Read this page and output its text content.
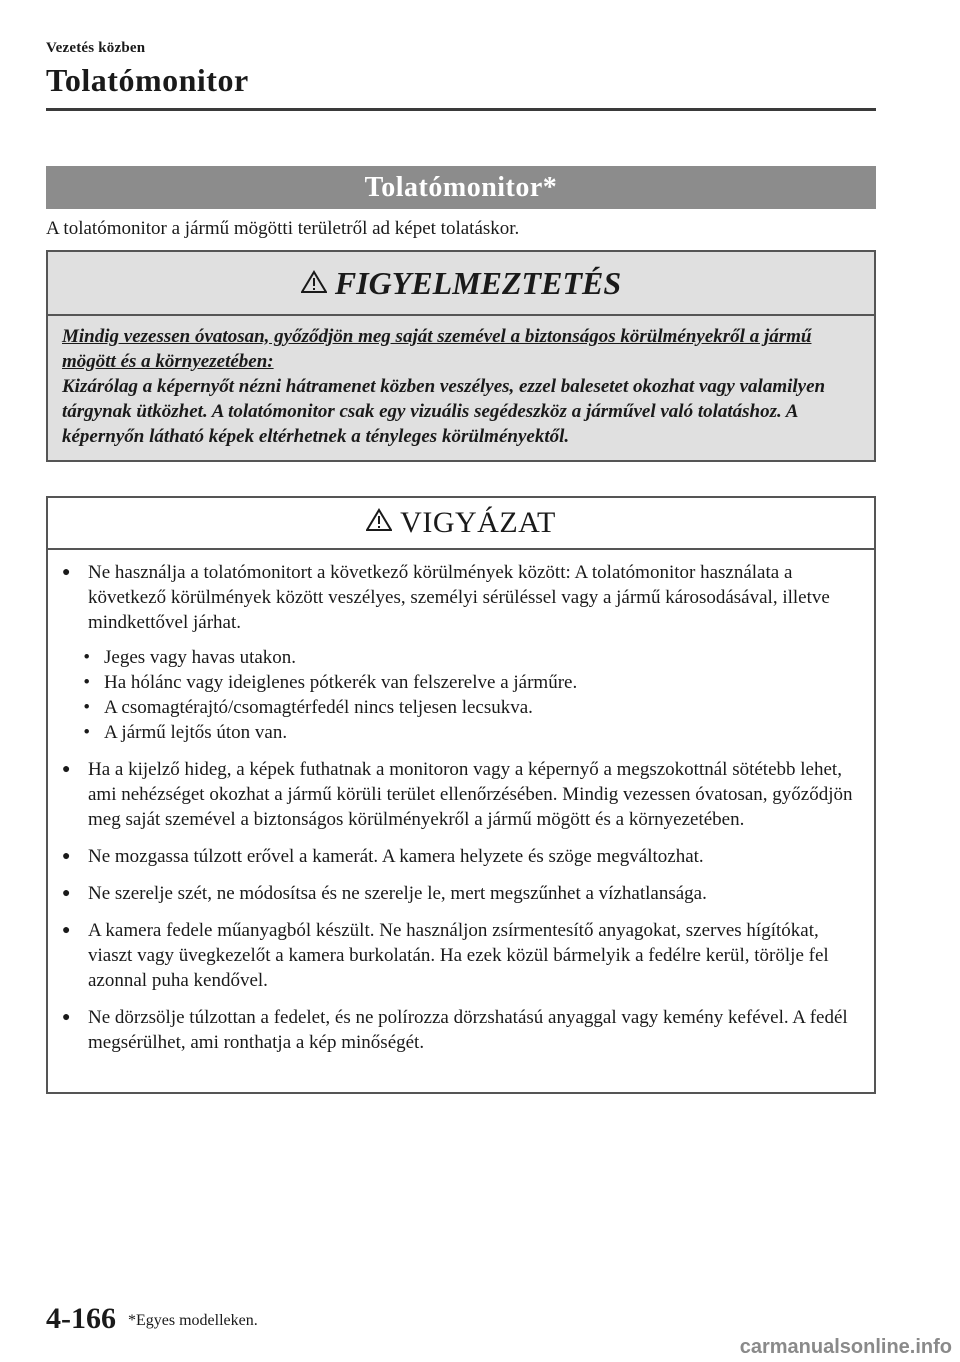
Vezetés közben
Tolatómonitor
Tolatómonitor*
A tolatómonitor a jármű mögötti területről ad képet tolatáskor.
FIGYELMEZTETÉS
Mindig vezessen óvatosan, győződjön meg saját szemével a biztonságos körülményekről a jármű mögött és a környezetében:
Kizárólag a képernyőt nézni hátramenet közben veszélyes, ezzel balesetet okozhat vagy valamilyen tárgynak ütközhet. A tolatómonitor csak egy vizuális segédeszköz a járművel való tolatáshoz. A képernyőn látható képek eltérhetnek a tényleges körülményektől.
VIGYÁZAT
● Ne használja a tolatómonitort a következő körülmények között: A tolatómonitor használata a következő körülmények között veszélyes, személyi sérüléssel vagy a jármű károsodásával, illetve mindkettővel járhat.
• Jeges vagy havas utakon.
• Ha hólánc vagy ideiglenes pótkerék van felszerelve a járműre.
• A csomagtérajtó/csomagtérfedél nincs teljesen lecsukva.
• A jármű lejtős úton van.
● Ha a kijelző hideg, a képek futhatnak a monitoron vagy a képernyő a megszokottnál sötétebb lehet, ami nehézséget okozhat a jármű körüli terület ellenőrzésében. Mindig vezessen óvatosan, győződjön meg saját szemével a biztonságos körülményekről a jármű mögött és a környezetében.
● Ne mozgassa túlzott erővel a kamerát. A kamera helyzete és szöge megváltozhat.
● Ne szerelje szét, ne módosítsa és ne szerelje le, mert megszűnhet a vízhatlansága.
● A kamera fedele műanyagból készült. Ne használjon zsírmentesítő anyagokat, szerves hígítókat, viaszt vagy üvegkezelőt a kamera burkolatán. Ha ezek közül bármelyik a fedélre kerül, törölje fel azonnal puha kendővel.
● Ne dörzsölje túlzottan a fedelet, és ne polírozza dörzshatású anyaggal vagy kemény kefével. A fedél megsérülhet, ami ronthatja a kép minőségét.
4-166 *Egyes modelleken.
carmanualsonline.info
